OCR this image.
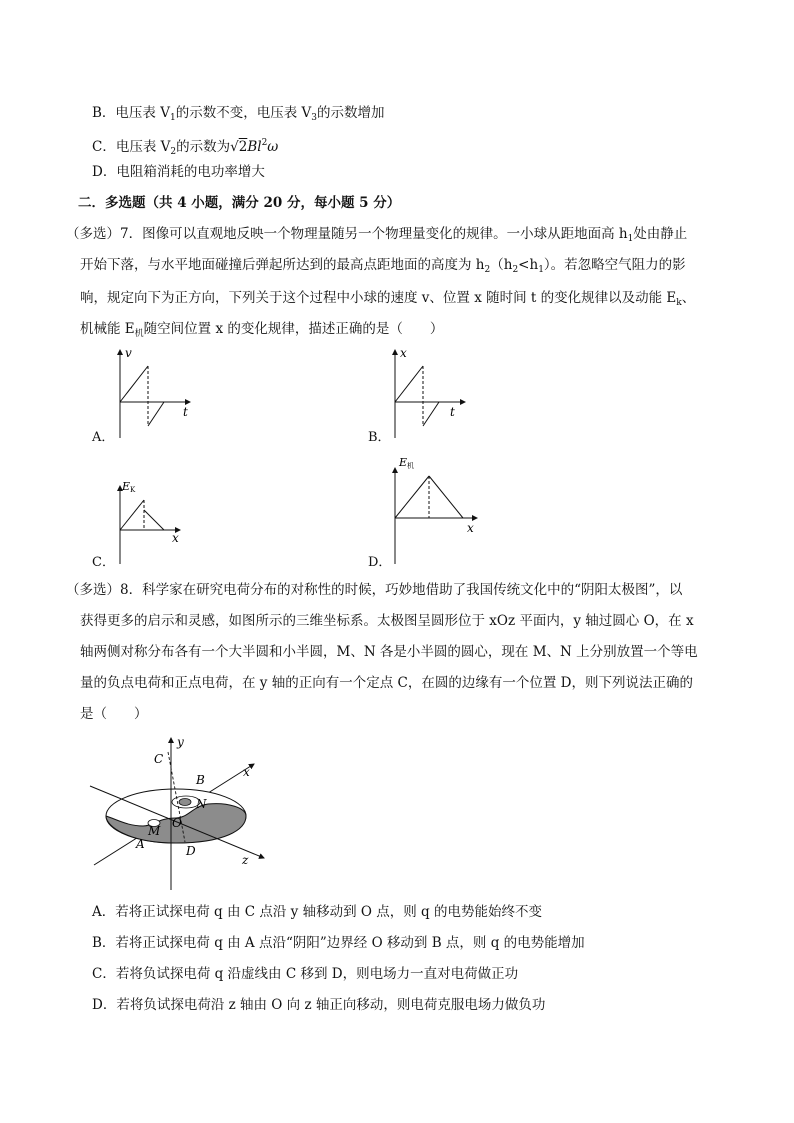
B．电压表 $V_1$的示数不变，电压表 $V_3$的示数增加
C．电压表 $V_2$的示数为√2Bl$^2$ω
D．电阻箱消耗的电功率增大
二．多选题（共 4 小题，满分 20 分，每小题 5 分）
（多选）7．图像可以直观地反映一个物理量随另一个物理量变化的规律。一小球从距地面高 $h_1$处由静止
开始下落，与水平地面碰撞后弹起所达到的最高点距地面的高度为 $h_2(h_2<h_1)$。若忽略空气阻力的影
响，规定向下为正方向，下列关于这个过程中小球的速度 v、位置 x 随时间 t 的变化规律以及动能 $E_k$、
机械能 $E_机$随空间位置 x 的变化规律，描述正确的是（　　）
A．
v
t
B．
x
t
C．
EK
x
D．
E机
x
（多选）8．科学家在研究电荷分布的对称性的时候，巧妙地借助了我国传统文化中的“阴阳太极图”，以
获得更多的启示和灵感，如图所示的三维坐标系。太极图呈圆形位于 xOz 平面内，y 轴过圆心 O，在 x
轴两侧对称分布各有一个大半圆和小半圆，M、N 各是小半圆的圆心，现在 M、N 上分别放置一个等电
量的负点电荷和正点电荷，在 y 轴的正向有一个定点 C，在圆的边缘有一个位置 D，则下列说法正确的
是（　　）
y
x
z
C
B
N
O
M
A	D
A．若将正试探电荷 q 由 C 点沿 y 轴移动到 O 点，则 q 的电势能始终不变
B．若将正试探电荷 q 由 A 点沿“阴阳”边界经 O 移动到 B 点，则 q 的电势能增加
C．若将负试探电荷 q 沿虚线由 C 移到 D，则电场力一直对电荷做正功
D．若将负试探电荷沿 z 轴由 O 向 z 轴正向移动，则电荷克服电场力做负功
